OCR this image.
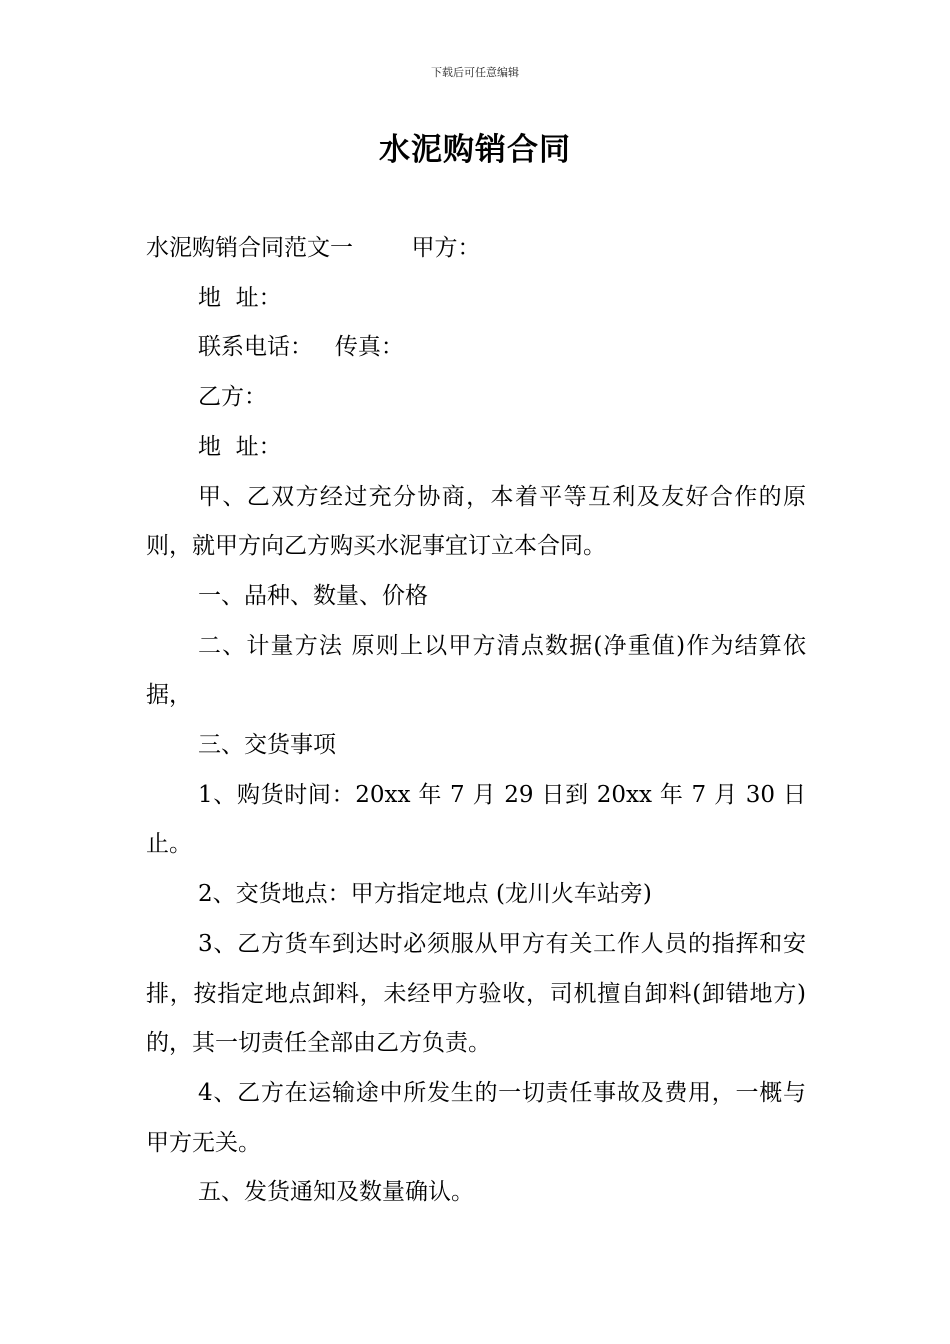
下载后可任意编辑
水泥购销合同

水泥购销合同范文一        甲方：

地  址：

联系电话：   传真：

乙方：

地  址：

甲、乙双方经过充分协商，本着平等互利及友好合作的原则，就甲方向乙方购买水泥事宜订立本合同。

一、品种、数量、价格

二、计量方法 原则上以甲方清点数据(净重值)作为结算依据，

三、交货事项

1、购货时间：20xx 年 7 月 29 日到 20xx 年 7 月 30 日止。

2、交货地点：甲方指定地点 (龙川火车站旁)

3、乙方货车到达时必须服从甲方有关工作人员的指挥和安排，按指定地点卸料，未经甲方验收，司机擅自卸料(卸错地方)的，其一切责任全部由乙方负责。

4、乙方在运输途中所发生的一切责任事故及费用，一概与甲方无关。

五、发货通知及数量确认。
